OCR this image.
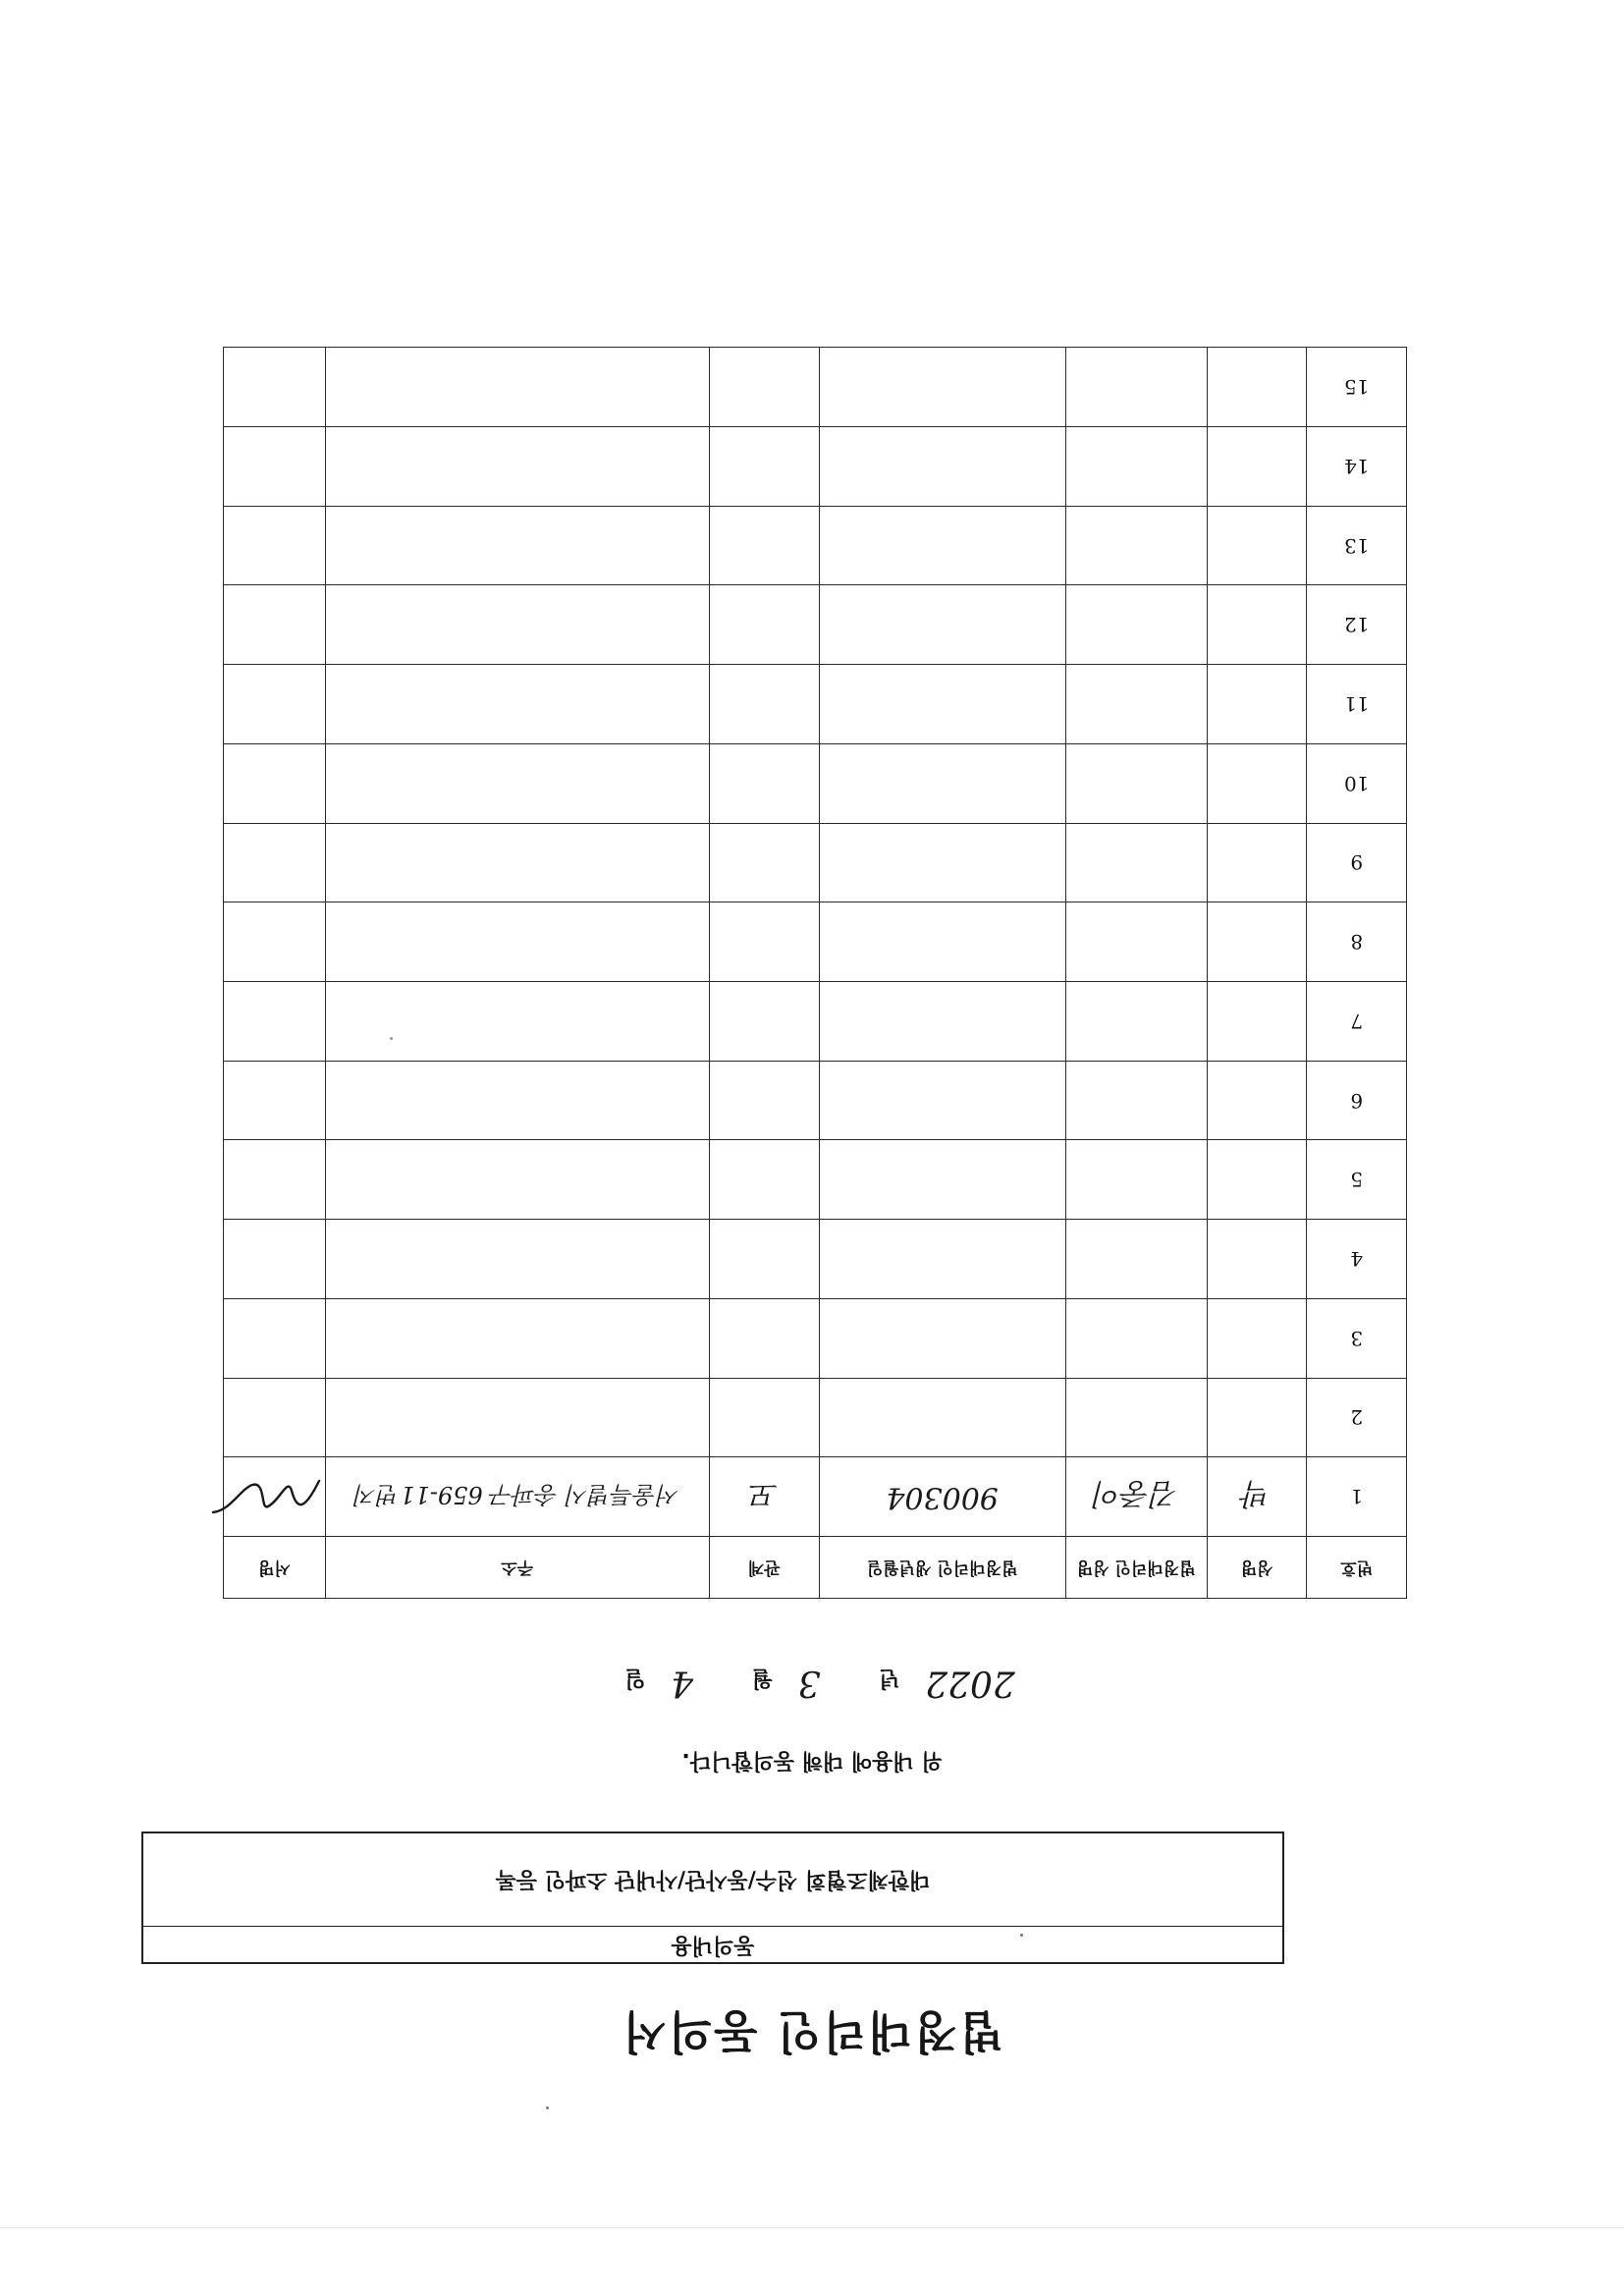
법정대리인 동의서
동의내용
대한체조협회 선수/동사단/사내단 소파인 등록
위 내용에 대해 동의합니다.
2022 년 3 월 4 일
번호	성명	법정대리인 성명	법정대리인 생년월일	관계	주소	서명
1	박	김중이	900304	모	서울특별시 송파구 659-11번지	
2						
3						
4						
5						
6						
7						
8						
9						
10						
11						
12						
13						
14						
15						
